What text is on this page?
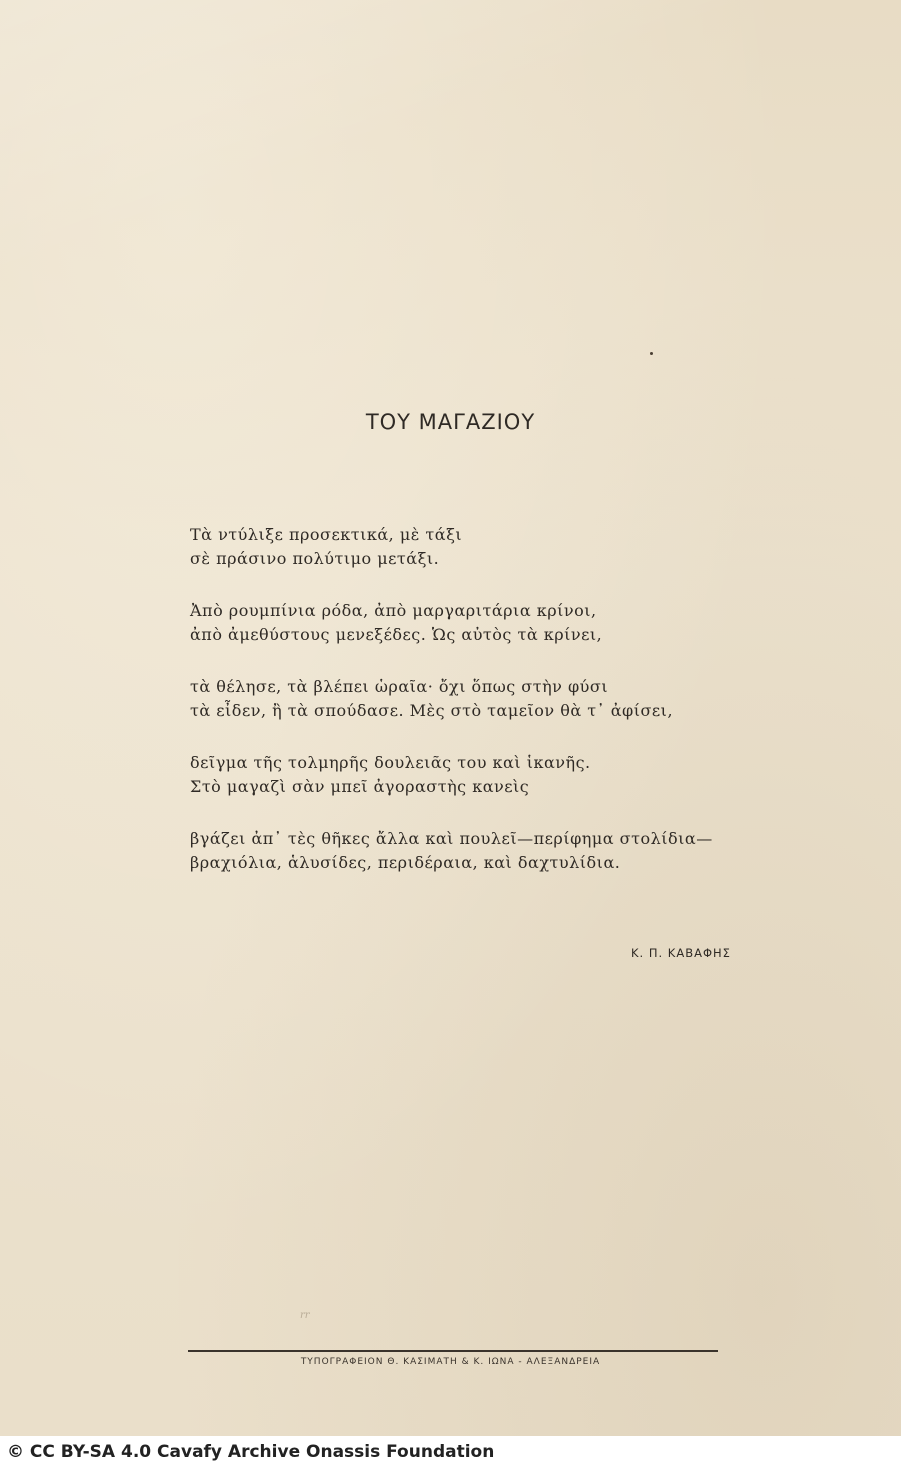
ΤΟΥ ΜΑΓΑΖΙΟΥ
Τὰ ντύλιξε προσεκτικά, μὲ τάξι
σὲ πράσινο πολύτιμο μετάξι.
Ἀπὸ ρουμπίνια ρόδα, ἀπὸ μαργαριτάρια κρίνοι,
ἀπὸ ἀμεθύστους μενεξέδες. Ὡς αὐτὸς τὰ κρίνει,
τὰ θέλησε, τὰ βλέπει ὡραῖα· ὄχι ὅπως στὴν φύσι
τὰ εἶδεν, ἢ τὰ σπούδασε. Μὲς στὸ ταμεῖον θὰ τ᾿ ἀφίσει,
δεῖγμα τῆς τολμηρῆς δουλειᾶς του καὶ ἱκανῆς.
Στὸ μαγαζὶ σὰν μπεῖ ἀγοραστὴς κανεὶς
βγάζει ἀπ᾿ τὲς θῆκες ἄλλα καὶ πουλεῖ—περίφημα στολίδια—
βραχιόλια, ἁλυσίδες, περιδέραια, καὶ δαχτυλίδια.
Κ. Π. ΚΑΒΑΦΗΣ
rr
ΤΥΠΟΓΡΑΦΕΙΟΝ Θ. ΚΑΣΙΜΑΤΗ & Κ. ΙΩΝΑ - ΑΛΕΞΑΝΔΡΕΙΑ
© CC BY-SA 4.0 Cavafy Archive Onassis Foundation
